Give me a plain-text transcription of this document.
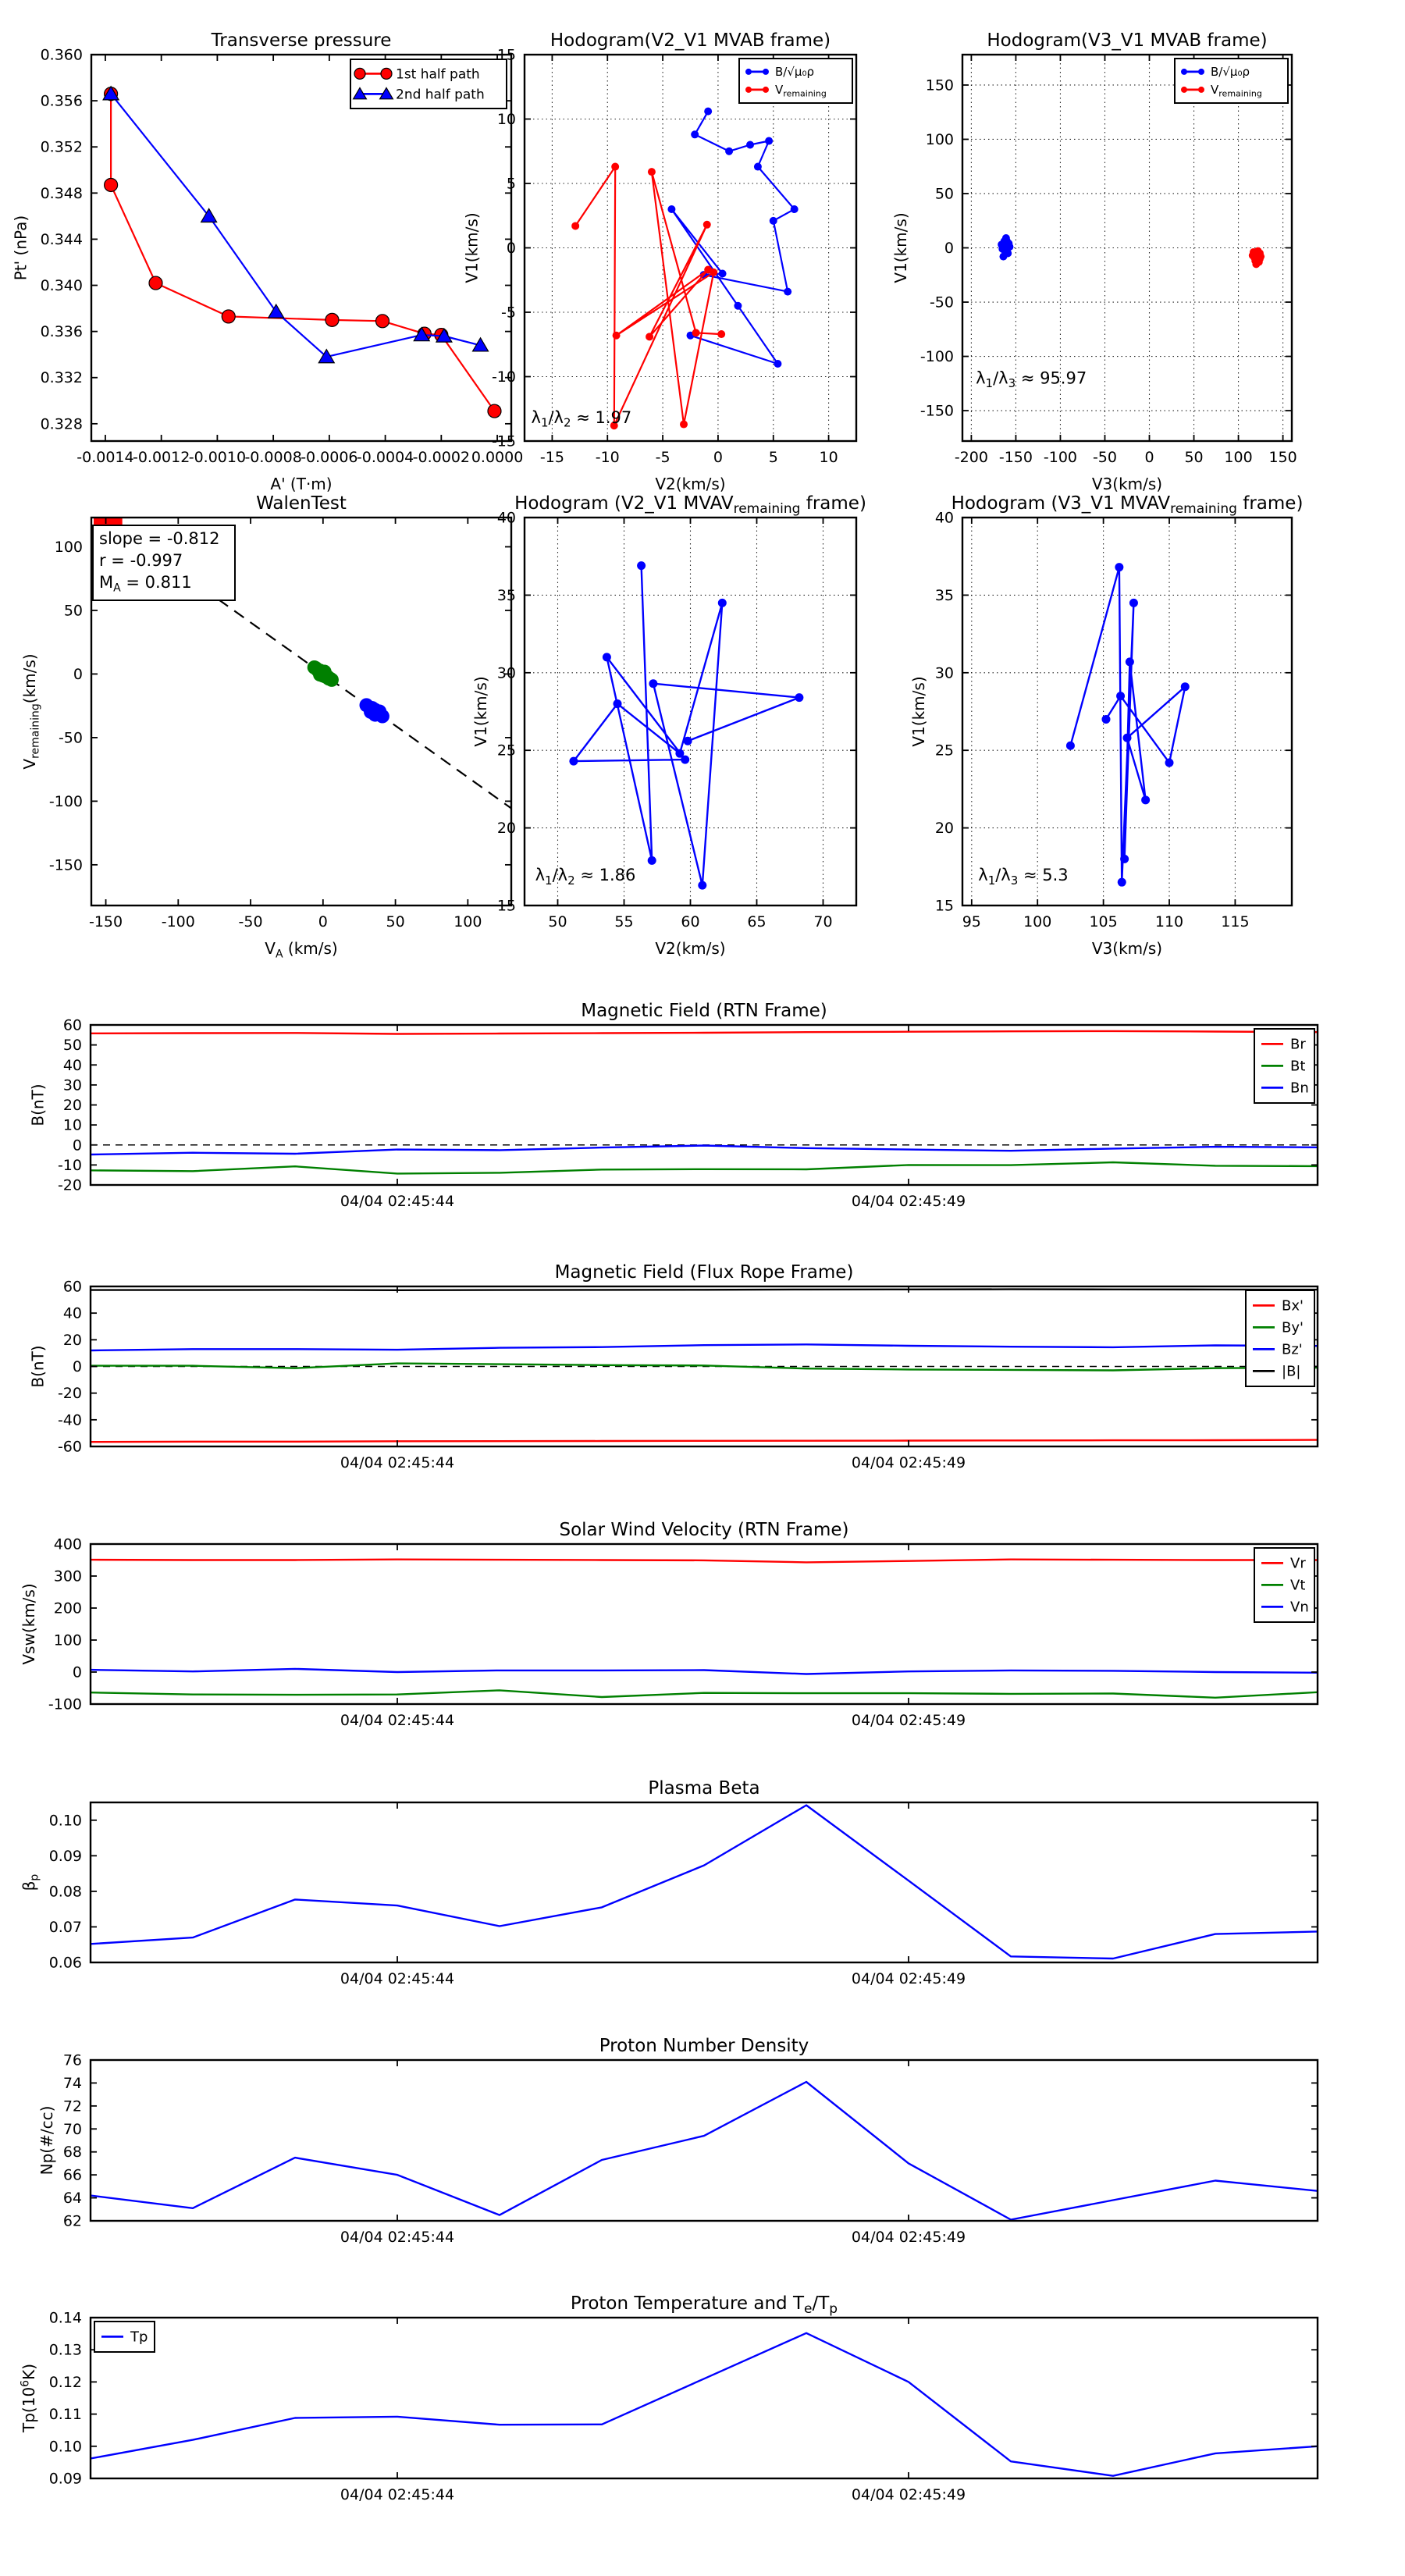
-0.0014
-0.0012
-0.0010
-0.0008
-0.0006
-0.0004
-0.0002 0.0000
0.328
0.332
0.336
0.340
0.344
0.348
0.352
0.356
0.360
Transverse pressure
A' (T·m)
Pt' (nPa)
1st half path
2nd half path
-15 -10 -5	0	5	10
-15
-10
-5
0
5
10
15
Hodogram(V2_V1 MVAB frame)
V2(km/s)
V1(km/s)
$\lambda_1/\lambda_2 \approx 1.97$
B/√μ₀ρ
$V_{remaining}$
-200 -150 -100 -50 0 50 100 150
-150
-100
-50
0
50
100
150
Hodogram(V3_V1 MVAB frame)
V3(km/s)
V1(km/s)
$\lambda_1/\lambda_3 \approx 95.97$
B/√μ₀ρ
$V_{remaining}$
-150	-100	-50	0	50	100
-150
-100
-50
0
50
100
WalenTest
$V_A$ (km/s)
$V_{remaining}(km/s)$
slope = -0.812
r = -0.997
$M_A = 0.811$
50	55	60	65	70
15
20
25
30
35
40
Hodogram (V2_V1 $MVAV_{remaining}$ frame)
V2(km/s)
V1(km/s)
$\lambda_1/\lambda_2 \approx 1.86$
95	100	105	110	115
15
20
25
30
35
40
Hodogram (V3_V1 $MVAV_{remaining}$ frame)
V3(km/s)
V1(km/s)
$\lambda_1/\lambda_3 \approx 5.3$
04/04 02:45:44	04/04 02:45:49
-20
-10
0
10
20
30
40
50
60
Magnetic Field (RTN Frame)
B(nT)
Br
Bt
Bn
04/04 02:45:44	04/04 02:45:49
-60
-40
-20
0
20
40
60
Magnetic Field (Flux Rope Frame)
B(nT)
Bx'
By'
Bz'
|B|
04/04 02:45:44	04/04 02:45:49
-100
0
100
200
300
400
Solar Wind Velocity (RTN Frame)
Vsw(km/s)
Vr
Vt
Vn
04/04 02:45:44	04/04 02:45:49
0.06
0.07
0.08
0.09
0.10
Plasma Beta
$\beta_p$
04/04 02:45:44	04/04 02:45:49
62
64
66
68
70
72
74
76
Proton Number Density
Np(#/cc)
04/04 02:45:44	04/04 02:45:49
0.09
0.10
0.11
0.12
0.13
0.14
Proton Temperature and $T_e/T_p$
$Tp(10^6K)$
Tp
